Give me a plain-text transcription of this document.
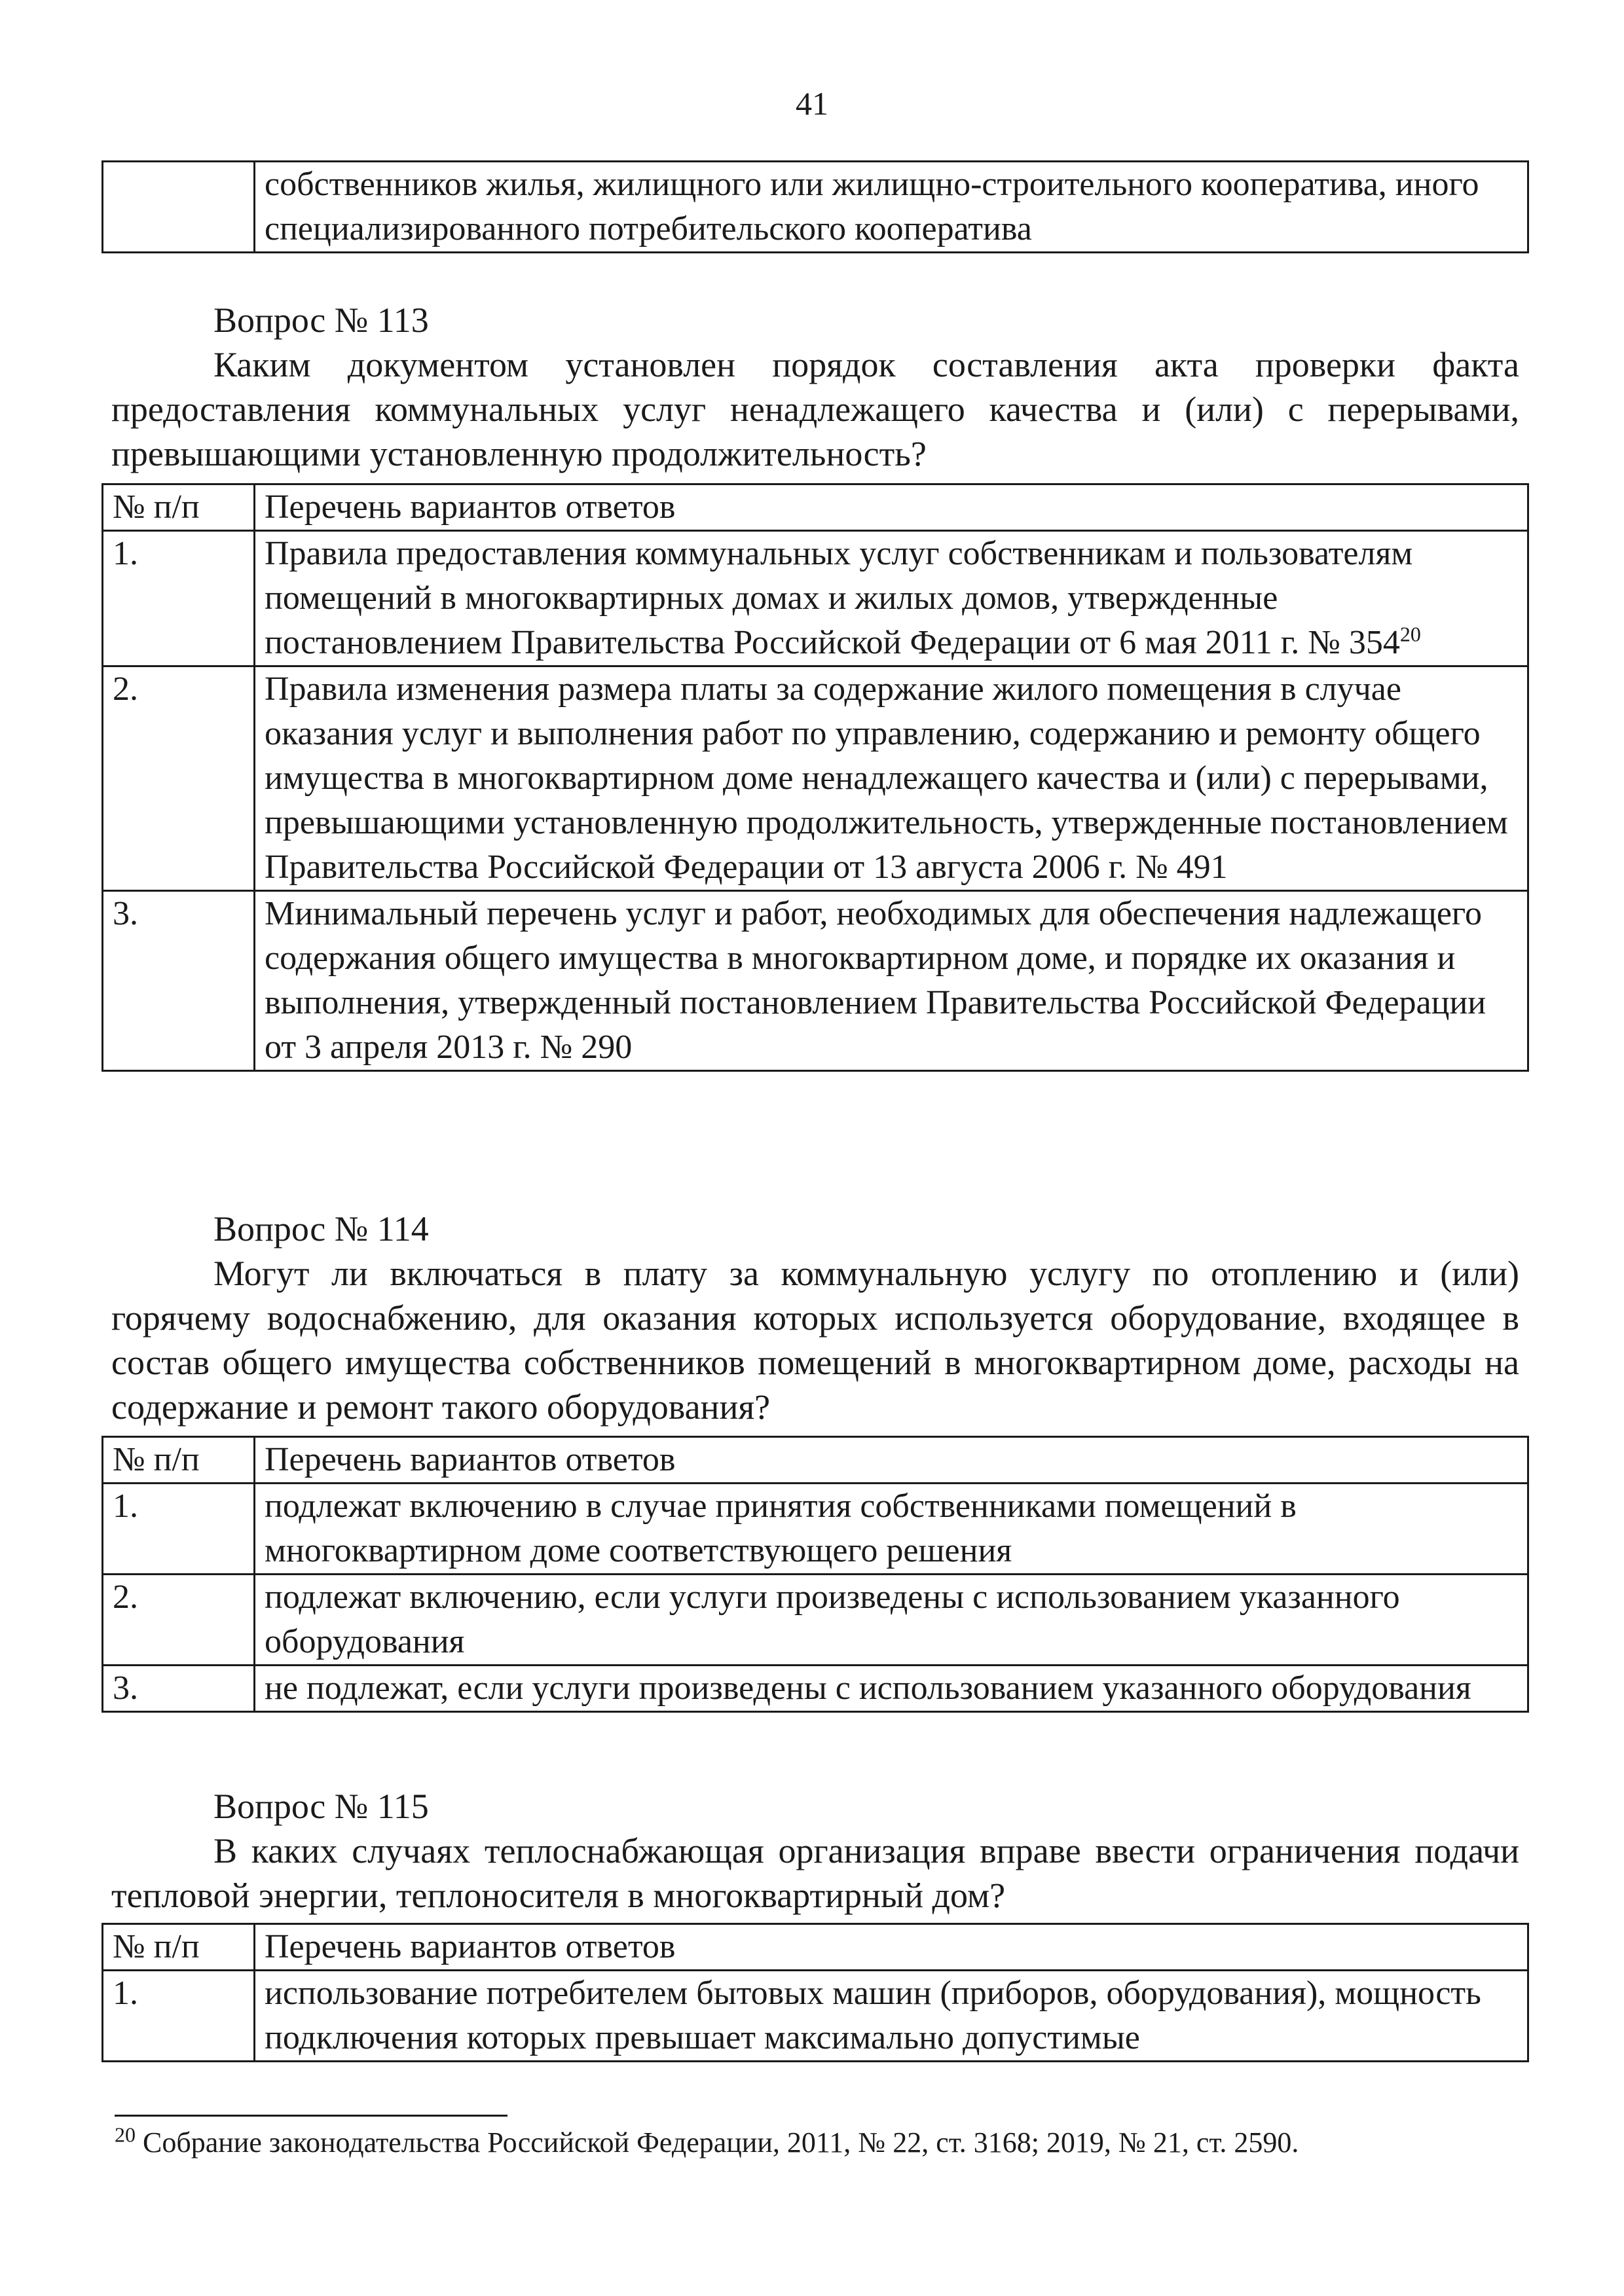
41
	собственников жилья, жилищного или жилищно-строительного кооператива, иного специализированного потребительского кооператива

Вопрос № 113

Каким документом установлен порядок составления акта проверки факта предоставления коммунальных услуг ненадлежащего качества и (или) с перерывами, превышающими установленную продолжительность?

№ п/п	Перечень вариантов ответов
1.	Правила предоставления коммунальных услуг собственникам и пользователям помещений в многоквартирных домах и жилых домов, утвержденные постановлением Правительства Российской Федерации от 6 мая 2011 г. № $354^{20}$
2.	Правила изменения размера платы за содержание жилого помещения в случае оказания услуг и выполнения работ по управлению, содержанию и ремонту общего имущества в многоквартирном доме ненадлежащего качества и (или) с перерывами, превышающими установленную продолжительность, утвержденные постановлением Правительства Российской Федерации от 13 августа 2006 г. № 491
3.	Минимальный перечень услуг и работ, необходимых для обеспечения надлежащего содержания общего имущества в многоквартирном доме, и порядке их оказания и выполнения, утвержденный постановлением Правительства Российской Федерации от 3 апреля 2013 г. № 290

Вопрос № 114

Могут ли включаться в плату за коммунальную услугу по отоплению и (или) горячему водоснабжению, для оказания которых используется оборудование, входящее в состав общего имущества собственников помещений в многоквартирном доме, расходы на содержание и ремонт такого оборудования?

№ п/п	Перечень вариантов ответов
1.	подлежат включению в случае принятия собственниками помещений в многоквартирном доме соответствующего решения
2.	подлежат включению, если услуги произведены с использованием указанного оборудования
3.	не подлежат, если услуги произведены с использованием указанного оборудования

Вопрос № 115

В каких случаях теплоснабжающая организация вправе ввести ограничения подачи тепловой энергии, теплоносителя в многоквартирный дом?

№ п/п	Перечень вариантов ответов
1.	использование потребителем бытовых машин (приборов, оборудования), мощность подключения которых превышает максимально допустимые

$^{20}$ Собрание законодательства Российской Федерации, 2011, № 22, ст. 3168; 2019, № 21, ст. 2590.
